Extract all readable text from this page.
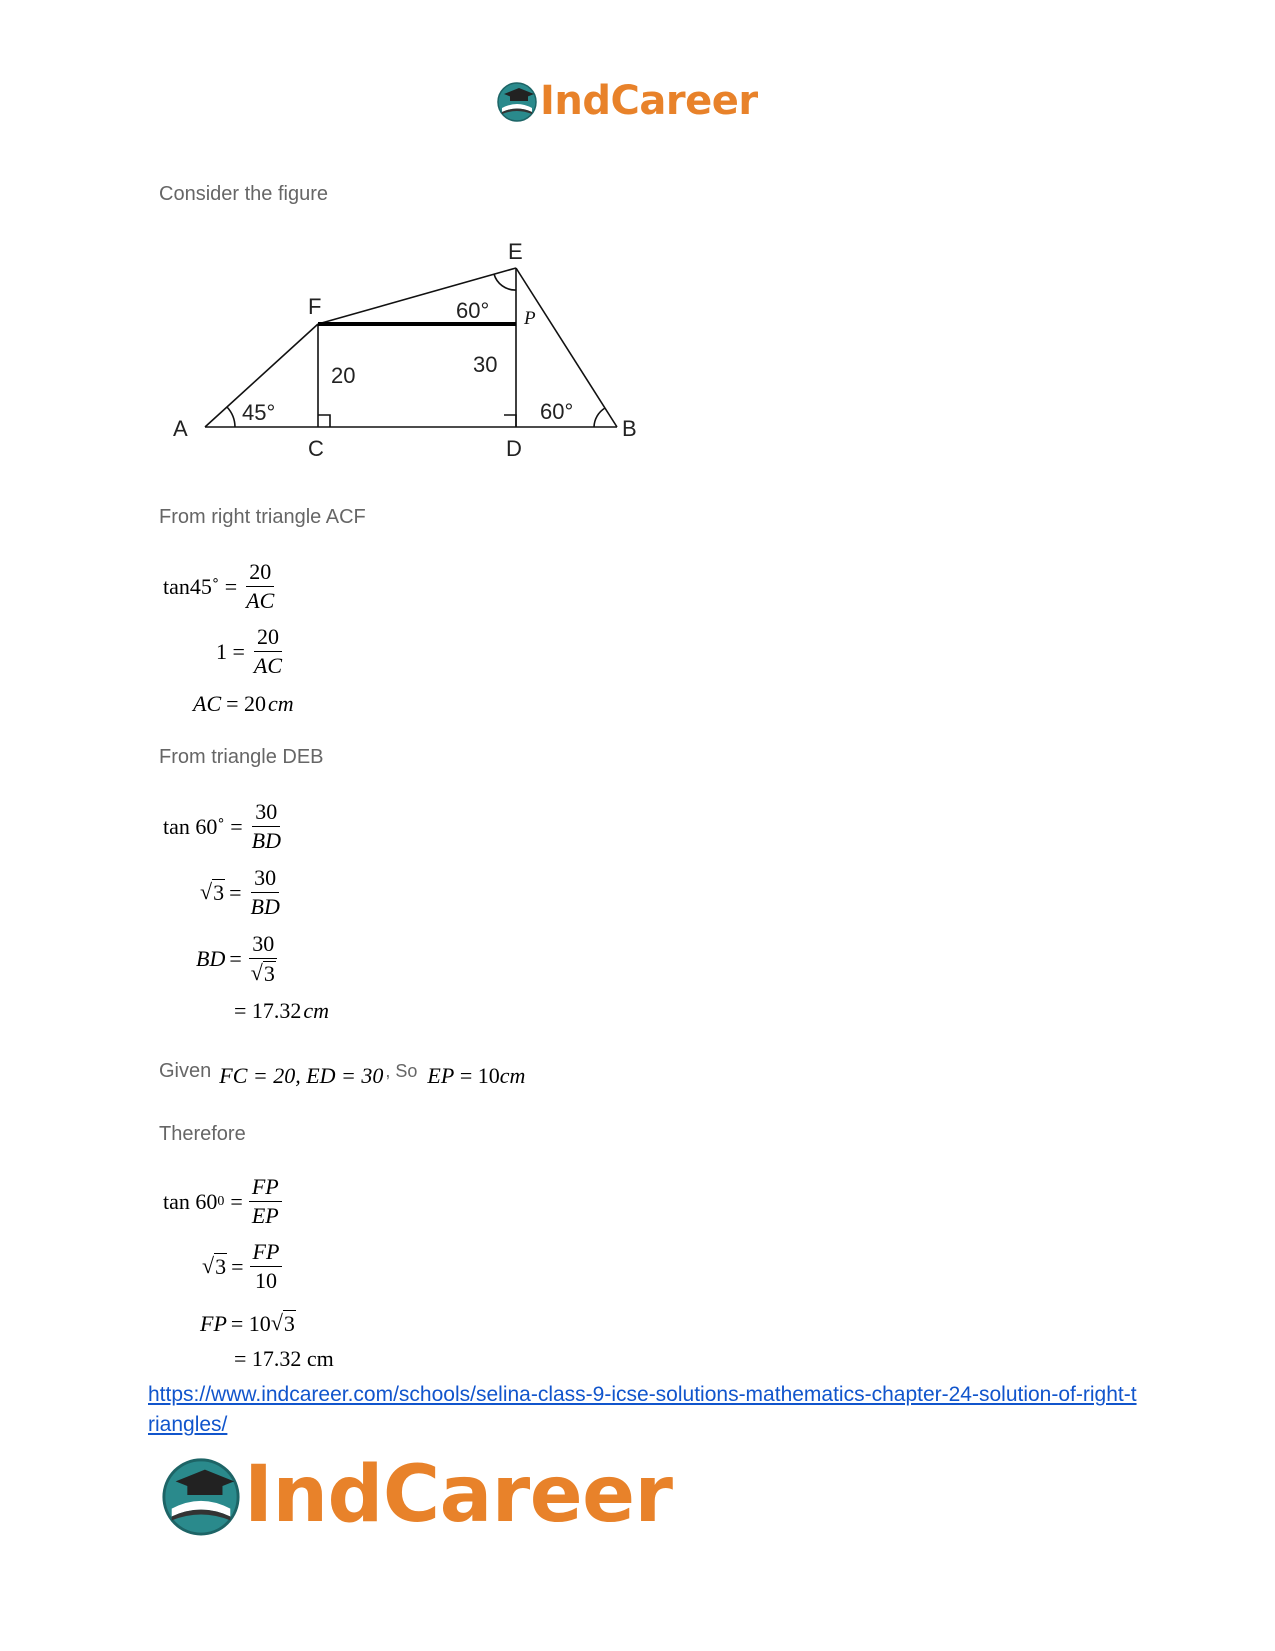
IndCareer
Consider the figure
A	B
C	D
E
F
45°
60°
60°
20	30
P
From right triangle ACF
tan45˚ = $\frac{20}{AC}$
$1 = \frac{20}{AC}$
AC = 20 cm
From triangle DEB
tan 60˚ = $\frac{30}{BD}$
√ $3 = \frac{30}{BD}$
BD = $\frac{30}{√ 3}$
= 17.32 cm
Given FC = 20, ED = 30 , So EP = 10cm
Therefore
tan 60 $0 = \frac{FP}{EP}$
√ $3 = \frac{FP}{10}$
FP = 10 √ 3
= 17.32 cm
https://www.indcareer.com/schools/selina-class-9-icse-solutions-mathematics-chapter-24-solution-of-right-triangles/
IndCareer
